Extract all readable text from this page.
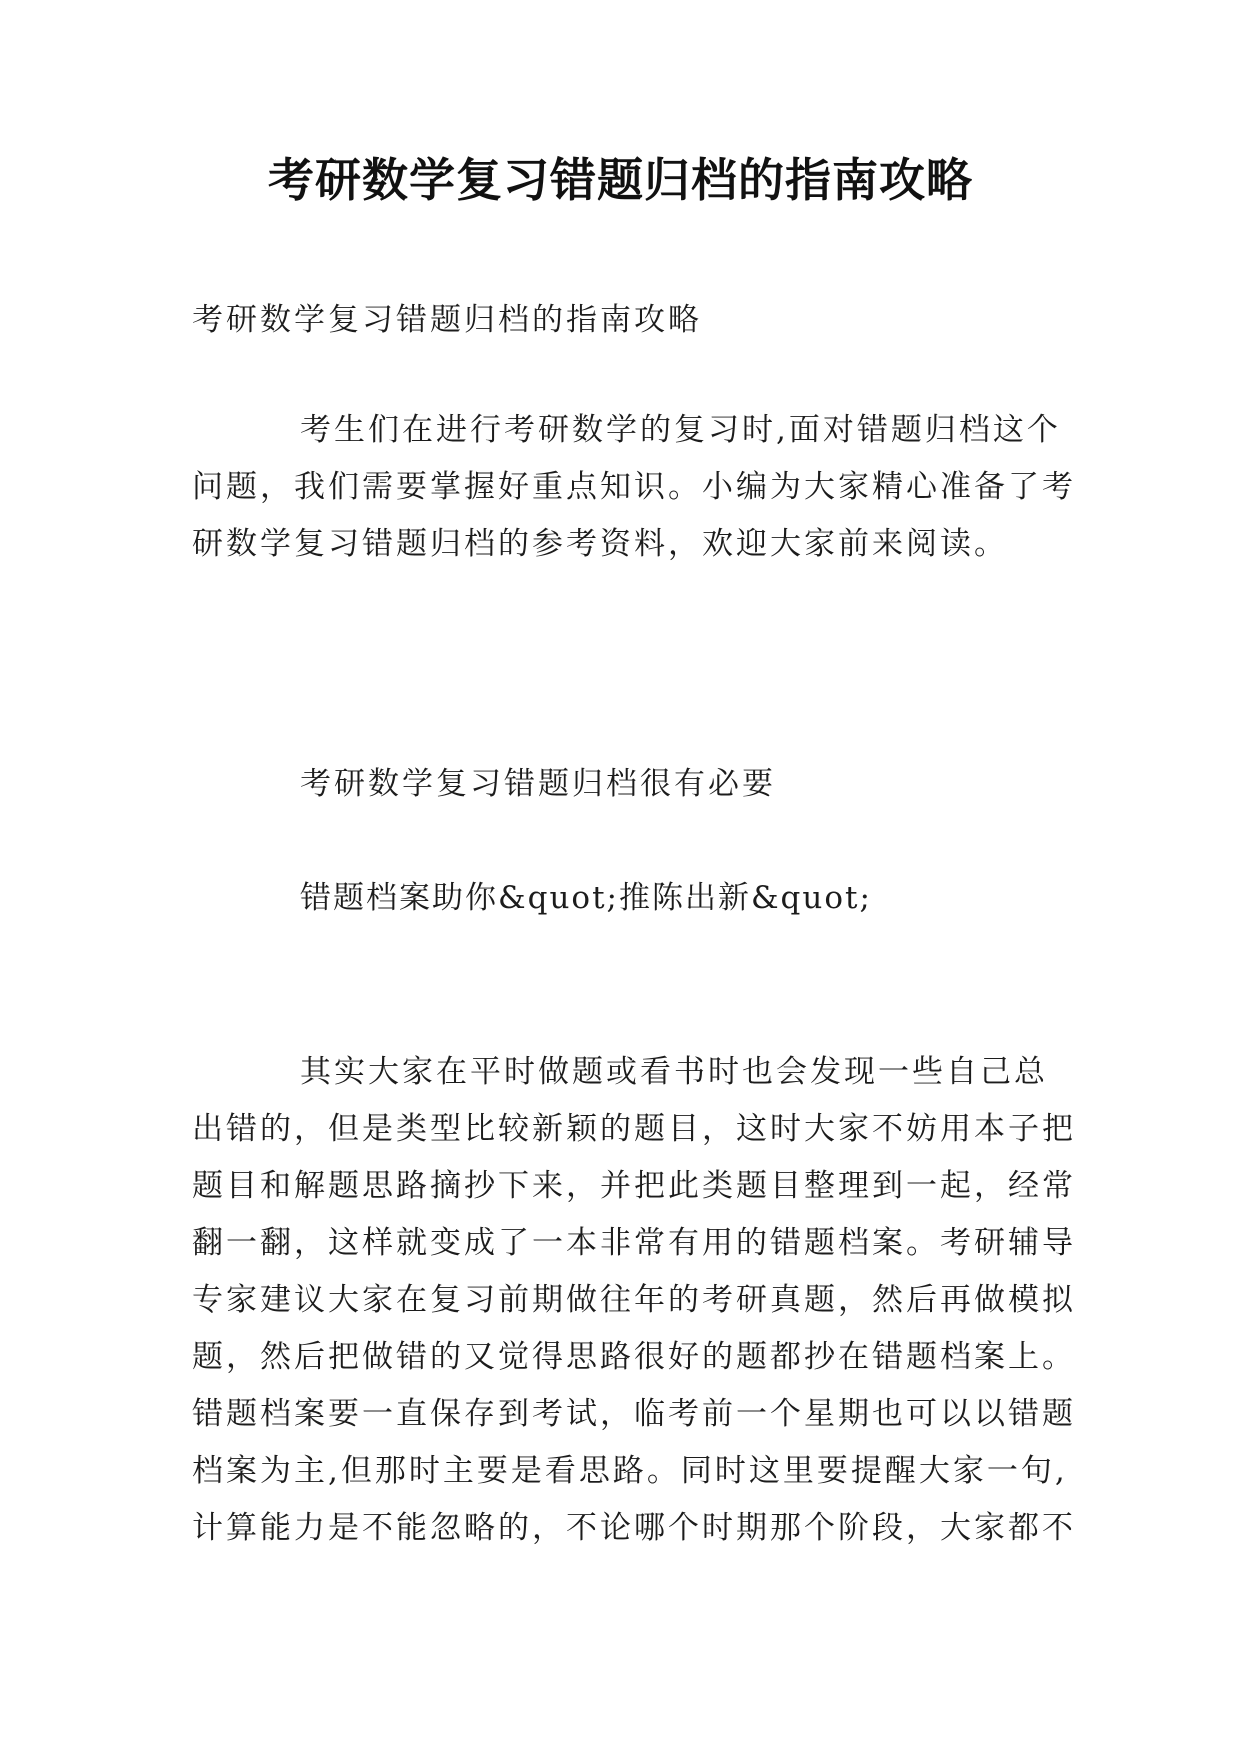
考研数学复习错题归档的指南攻略

考研数学复习错题归档的指南攻略

考生们在进行考研数学的复习时,面对错题归档这个
问题，我们需要掌握好重点知识。小编为大家精心准备了考
研数学复习错题归档的参考资料，欢迎大家前来阅读。

考研数学复习错题归档很有必要

错题档案助你&quot;推陈出新&quot;

其实大家在平时做题或看书时也会发现一些自己总
出错的，但是类型比较新颖的题目，这时大家不妨用本子把
题目和解题思路摘抄下来，并把此类题目整理到一起，经常
翻一翻，这样就变成了一本非常有用的错题档案。考研辅导
专家建议大家在复习前期做往年的考研真题，然后再做模拟
题，然后把做错的又觉得思路很好的题都抄在错题档案上。
错题档案要一直保存到考试，临考前一个星期也可以以错题
档案为主,但那时主要是看思路。同时这里要提醒大家一句,
计算能力是不能忽略的，不论哪个时期那个阶段，大家都不
